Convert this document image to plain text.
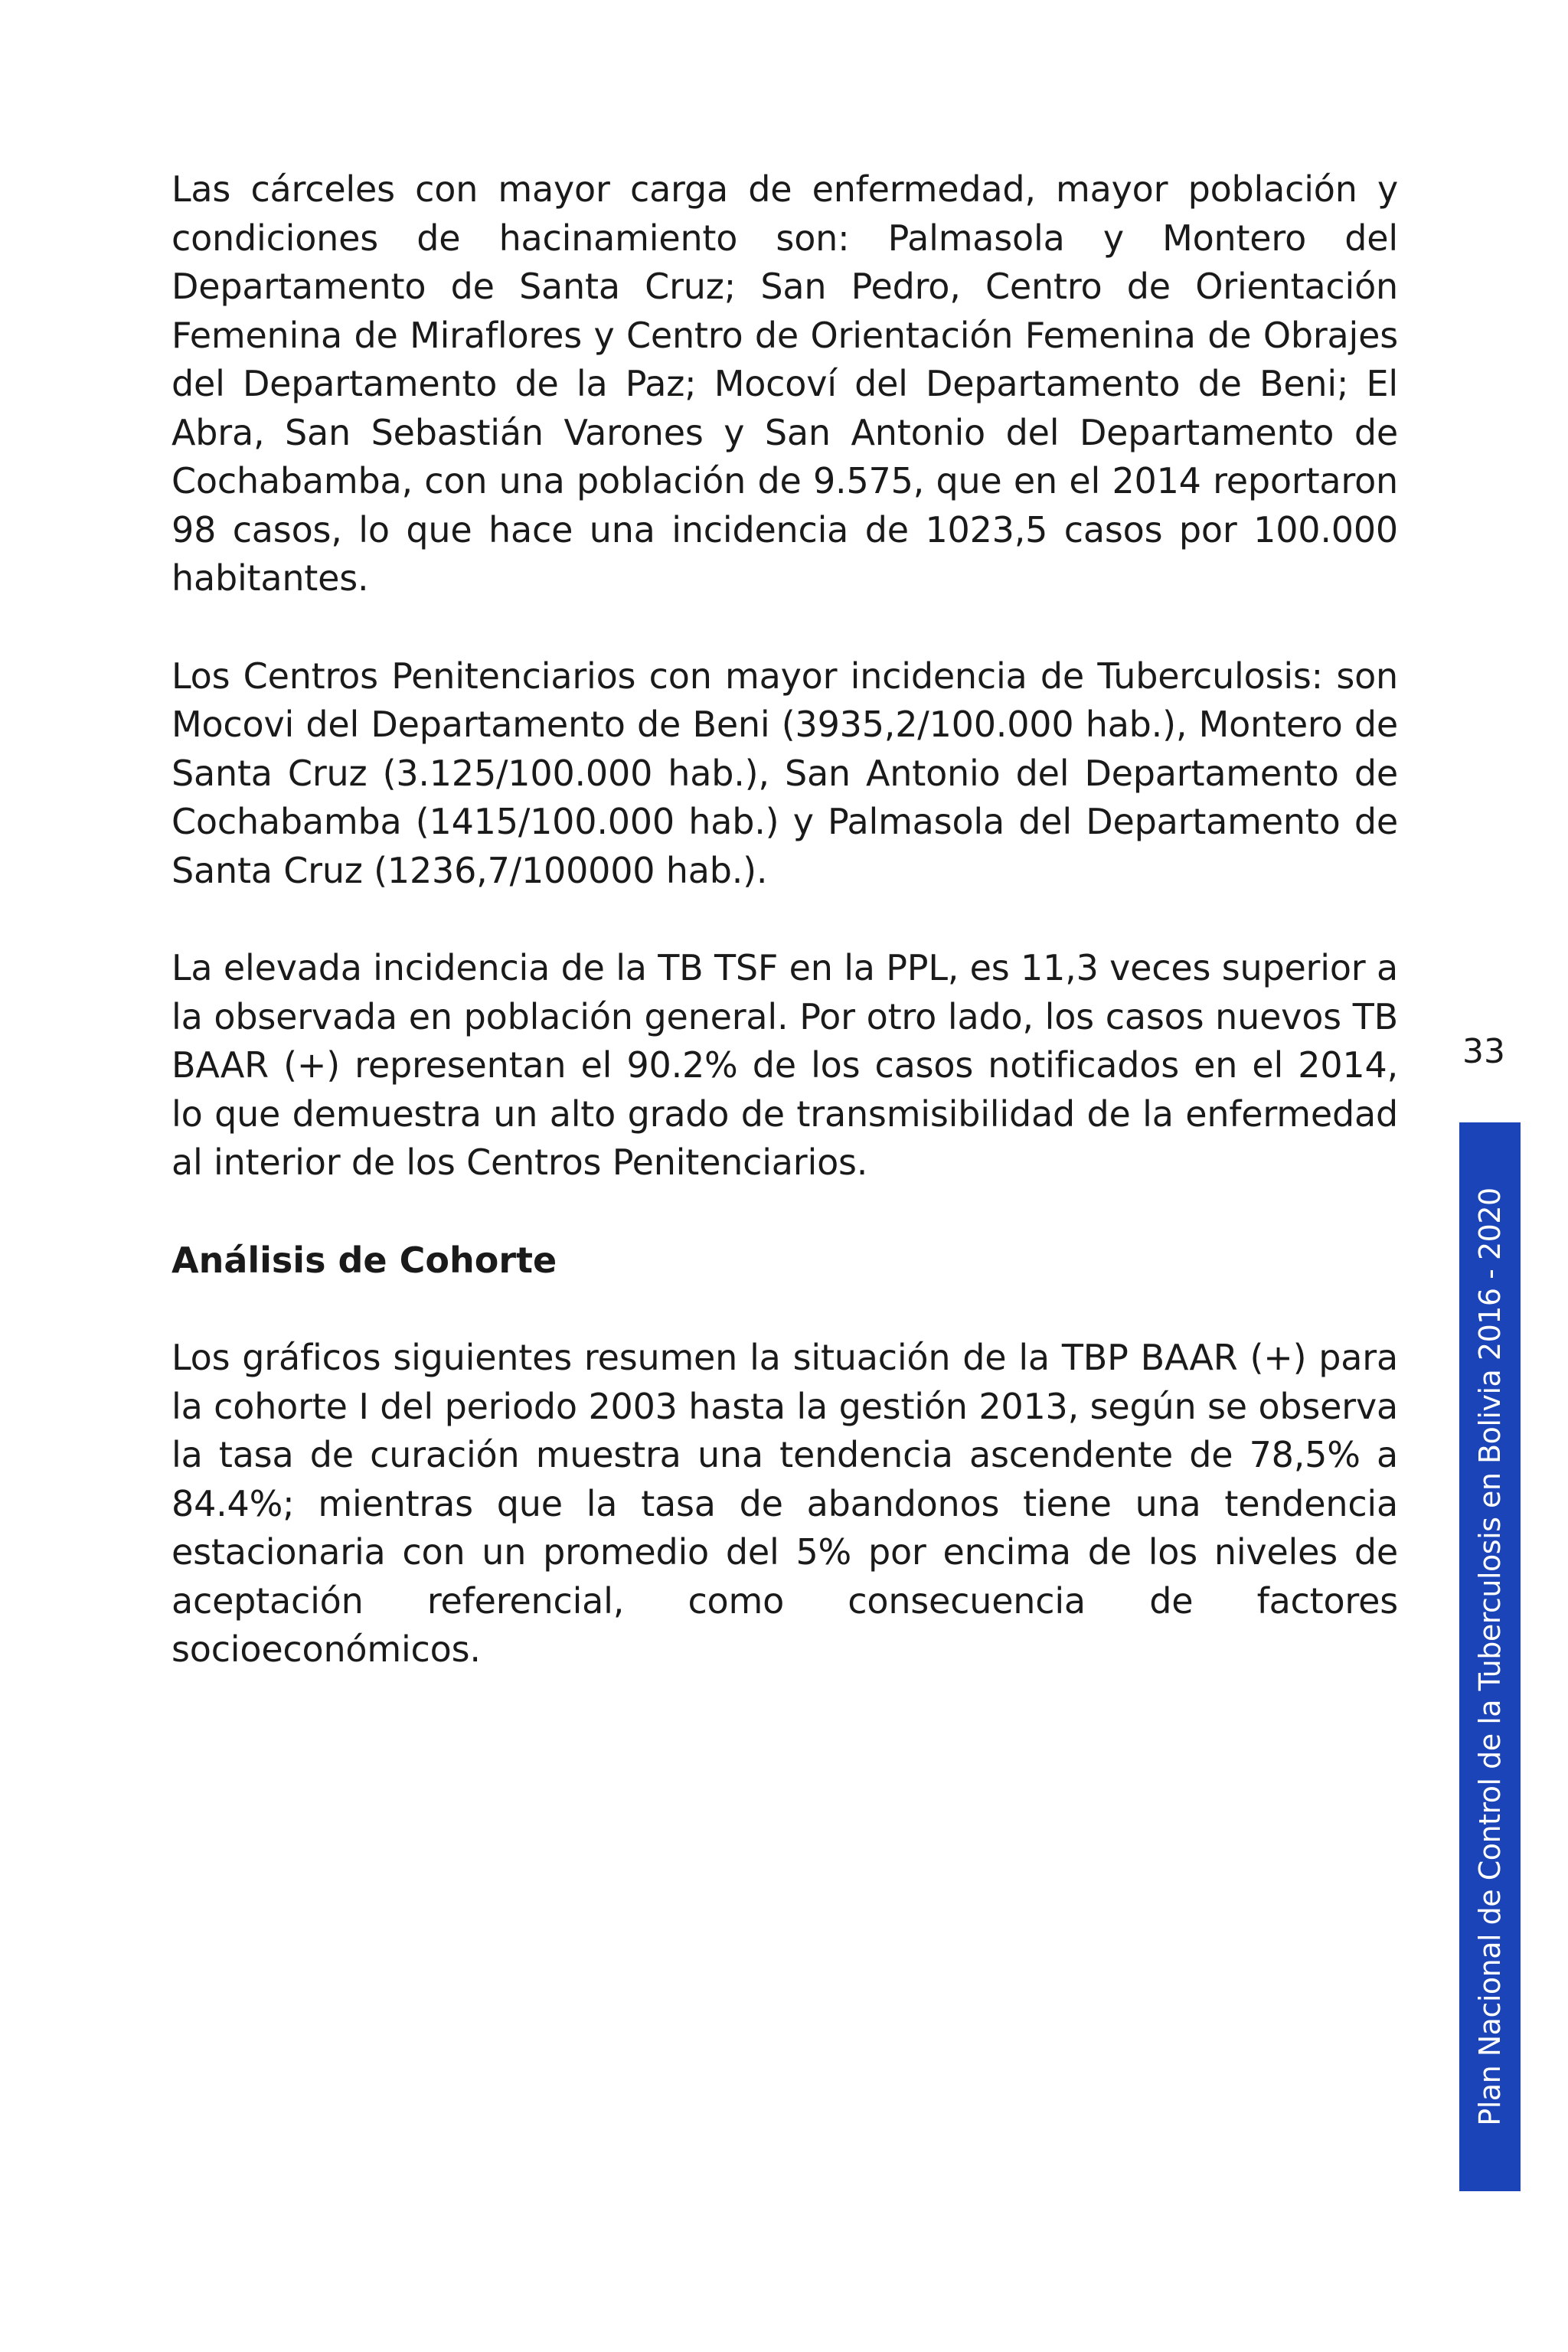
Las cárceles con mayor carga de enfermedad, mayor población y condiciones de hacinamiento son: Palmasola y Montero del Departamento de Santa Cruz; San Pedro, Centro de Orientación Femenina de Miraflores y Centro de Orientación Femenina de Obrajes del Departamento de la Paz; Mocoví del Departamento de Beni; El Abra, San Sebastián Varones y San Antonio del Departamento de Cochabamba, con una población de 9.575, que en el 2014 reportaron 98 casos, lo que hace una incidencia de 1023,5 casos por 100.000 habitantes.

Los Centros Penitenciarios con mayor incidencia de Tuberculosis: son Mocovi del Departamento de Beni (3935,2/100.000 hab.), Montero de Santa Cruz (3.125/100.000 hab.), San Antonio del Departamento de Cochabamba (1415/100.000 hab.) y Palmasola del Departamento de Santa Cruz (1236,7/100000 hab.).

La elevada incidencia de la TB TSF en la PPL, es 11,3 veces superior a la observada en población general. Por otro lado, los casos nuevos TB BAAR (+) representan el 90.2% de los casos notificados en el 2014, lo que demuestra un alto grado de transmisibilidad de la enfermedad al interior de los Centros Penitenciarios.

Análisis de Cohorte

Los gráficos siguientes resumen la situación de la TBP BAAR (+) para la cohorte I del periodo 2003 hasta la gestión 2013, según se observa la tasa de curación muestra una tendencia ascendente de 78,5% a 84.4%; mientras que la tasa de abandonos tiene una tendencia estacionaria con un promedio del 5% por encima de los niveles de aceptación referencial, como consecuencia de factores socioeconómicos.

33
Plan Nacional de Control de la Tuberculosis en Bolivia 2016 - 2020
